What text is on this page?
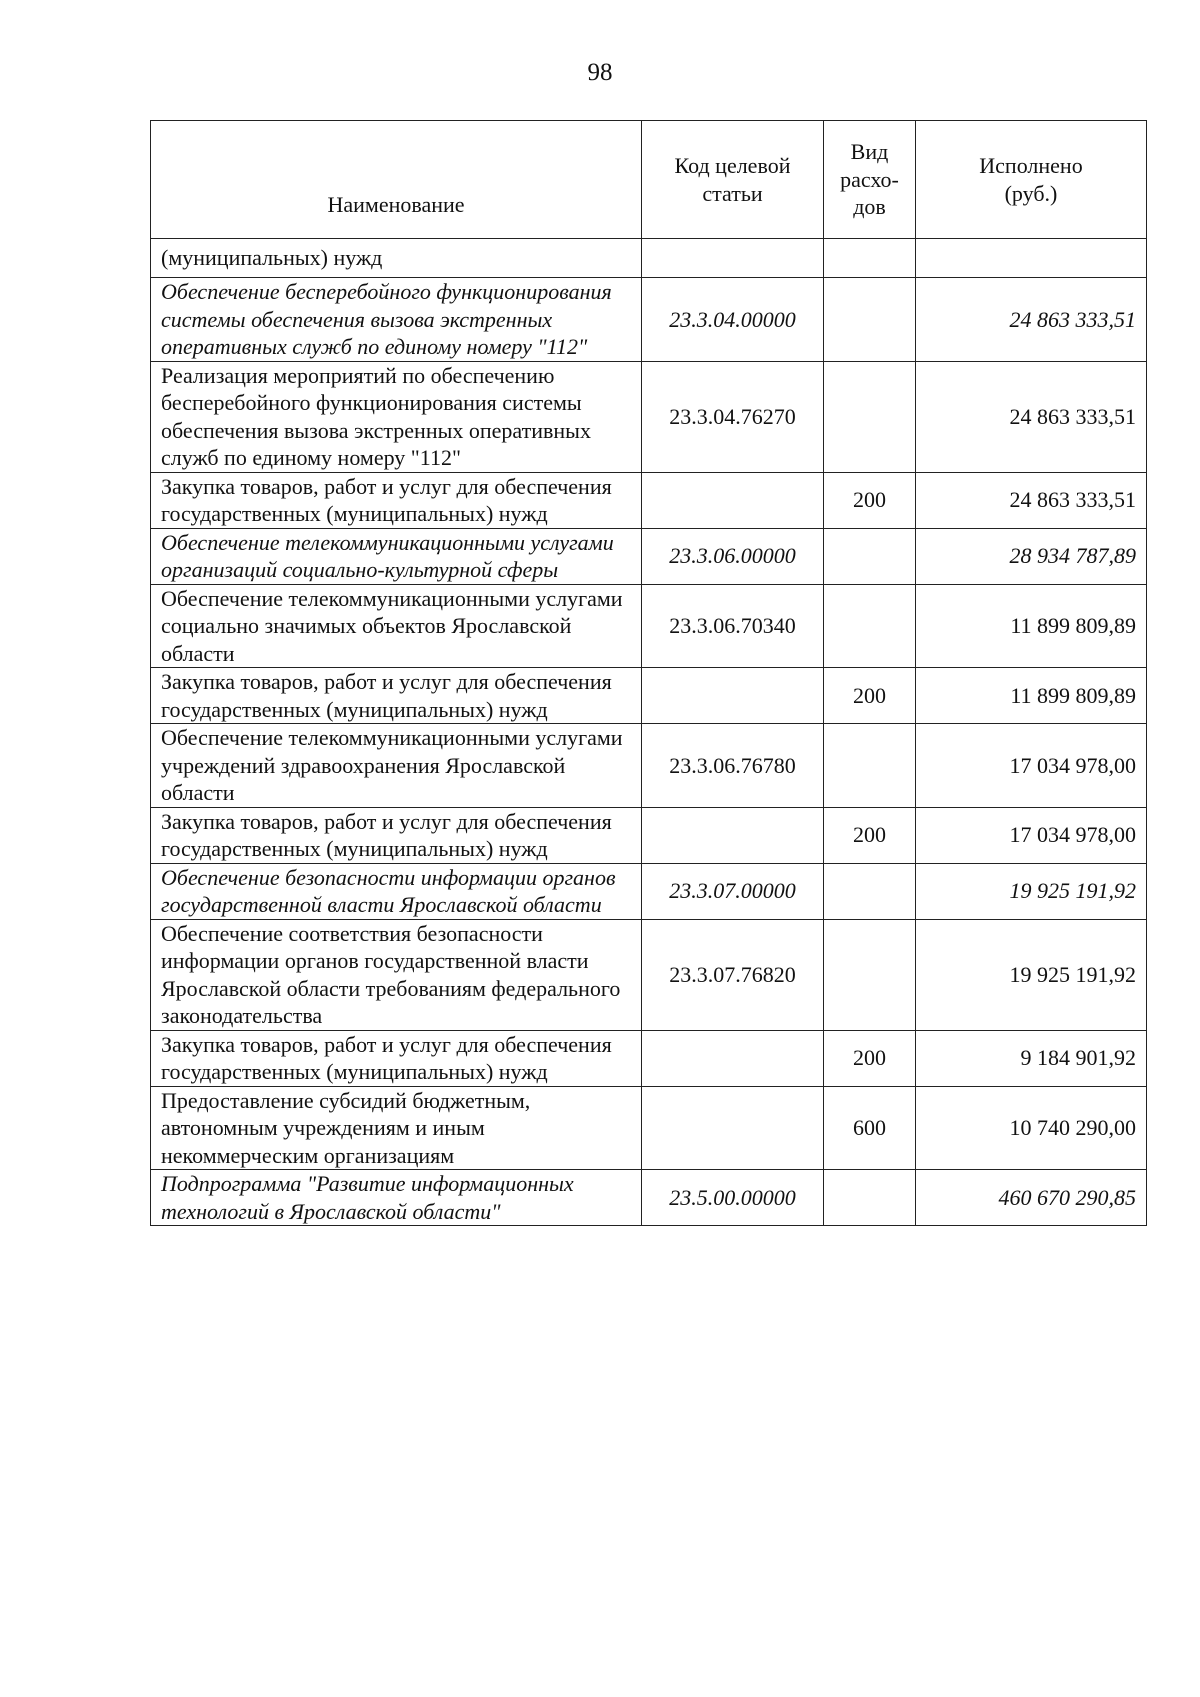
98
Наименование	Код целевой статьи	Вид расхо-дов	Исполнено (руб.)

(муниципальных) нужд			
Обеспечение бесперебойного функционирования системы обеспечения вызова экстренных оперативных служб по единому номеру "112"	23.3.04.00000		24 863 333,51
Реализация мероприятий по обеспечению бесперебойного функционирования системы обеспечения вызова экстренных оперативных служб по единому номеру "112"	23.3.04.76270		24 863 333,51
Закупка товаров, работ и услуг для обеспечения государственных (муниципальных) нужд		200	24 863 333,51
Обеспечение телекоммуникационными услугами организаций социально-культурной сферы	23.3.06.00000		28 934 787,89
Обеспечение телекоммуникационными услугами социально значимых объектов Ярославской области	23.3.06.70340		11 899 809,89
Закупка товаров, работ и услуг для обеспечения государственных (муниципальных) нужд		200	11 899 809,89
Обеспечение телекоммуникационными услугами учреждений здравоохранения Ярославской области	23.3.06.76780		17 034 978,00
Закупка товаров, работ и услуг для обеспечения государственных (муниципальных) нужд		200	17 034 978,00
Обеспечение безопасности информации органов государственной власти Ярославской области	23.3.07.00000		19 925 191,92
Обеспечение соответствия безопасности информации органов государственной власти Ярославской области требованиям федерального законодательства	23.3.07.76820		19 925 191,92
Закупка товаров, работ и услуг для обеспечения государственных (муниципальных) нужд		200	9 184 901,92
Предоставление субсидий бюджетным, автономным учреждениям и иным некоммерческим организациям		600	10 740 290,00
Подпрограмма "Развитие информационных технологий в Ярославской области"	23.5.00.00000		460 670 290,85
